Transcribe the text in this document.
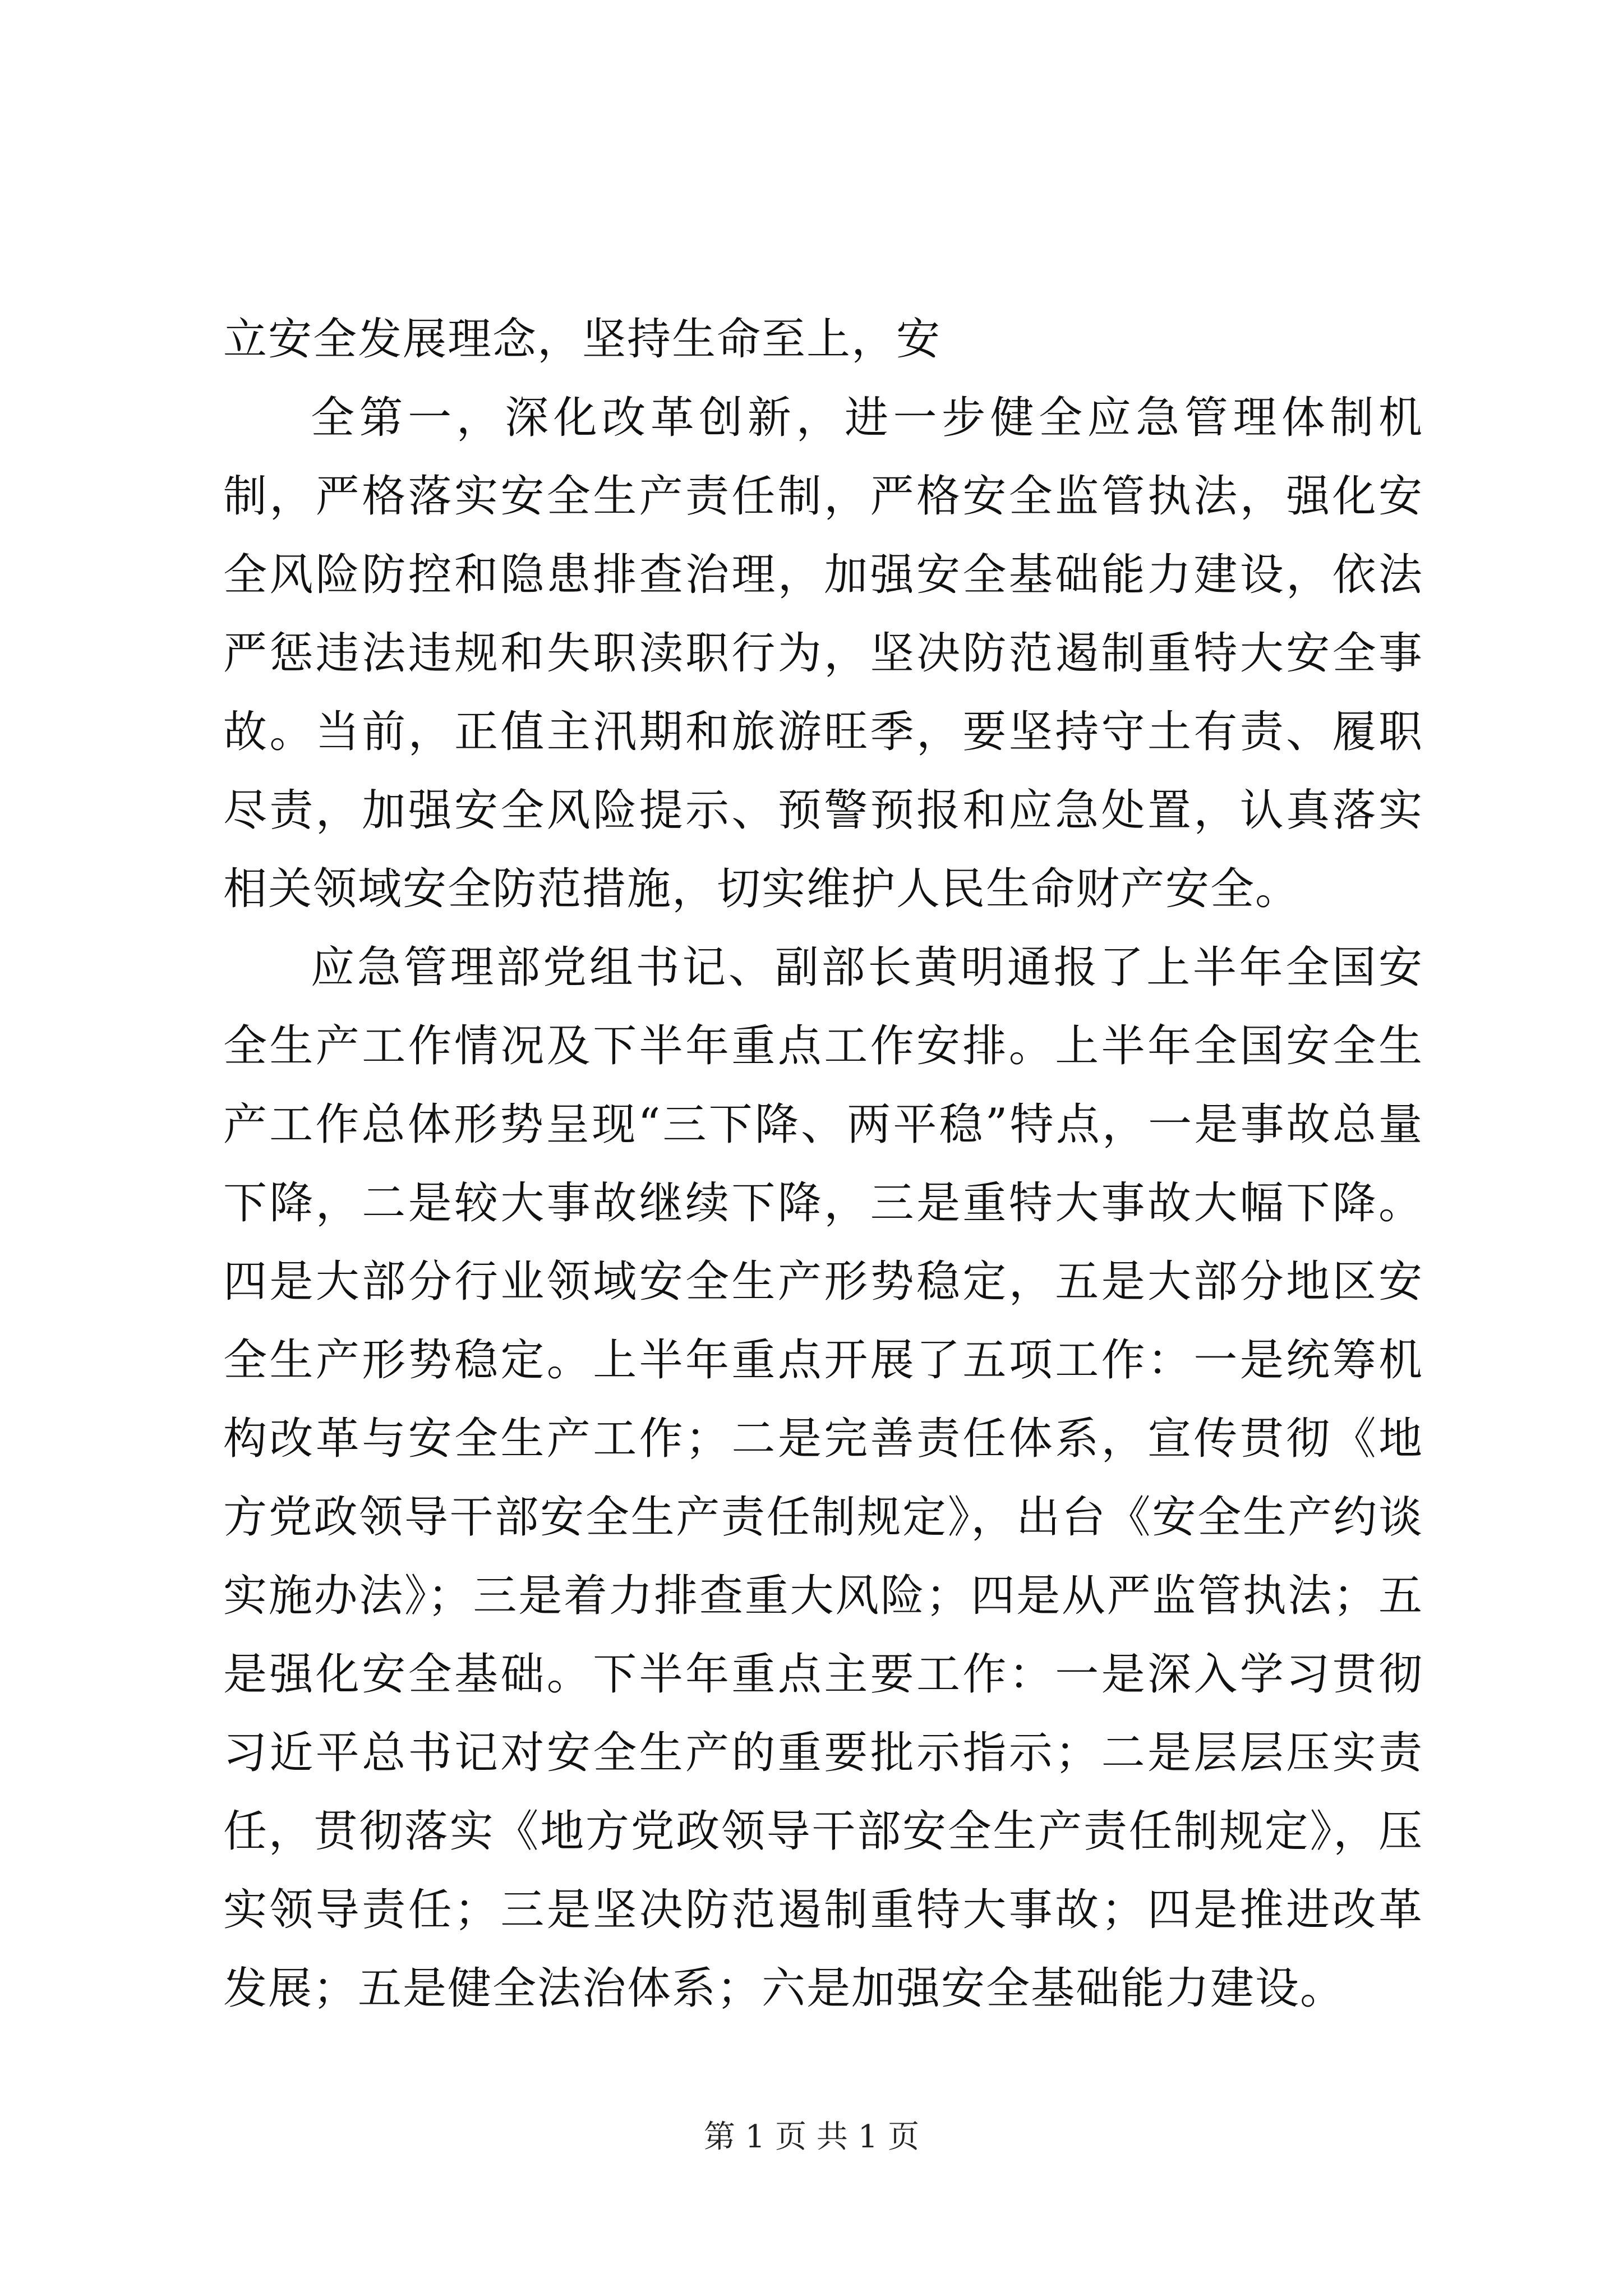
立安全发展理念，坚持生命至上，安

全第一，深化改革创新，进一步健全应急管理体制机制，严格落实安全生产责任制，严格安全监管执法，强化安全风险防控和隐患排查治理，加强安全基础能力建设，依法严惩违法违规和失职渎职行为，坚决防范遏制重特大安全事故。当前，正值主汛期和旅游旺季，要坚持守土有责、履职尽责，加强安全风险提示、预警预报和应急处置，认真落实相关领域安全防范措施，切实维护人民生命财产安全。

应急管理部党组书记、副部长黄明通报了上半年全国安全生产工作情况及下半年重点工作安排。上半年全国安全生产工作总体形势呈现“三下降、两平稳”特点，一是事故总量下降，二是较大事故继续下降，三是重特大事故大幅下降。四是大部分行业领域安全生产形势稳定，五是大部分地区安全生产形势稳定。上半年重点开展了五项工作：一是统筹机构改革与安全生产工作；二是完善责任体系，宣传贯彻《地方党政领导干部安全生产责任制规定》，出台《安全生产约谈实施办法》；三是着力排查重大风险；四是从严监管执法；五是强化安全基础。下半年重点主要工作：一是深入学习贯彻习近平总书记对安全生产的重要批示指示；二是层层压实责任，贯彻落实《地方党政领导干部安全生产责任制规定》，压实领导责任；三是坚决防范遏制重特大事故；四是推进改革发展；五是健全法治体系；六是加强安全基础能力建设。

第 1 页 共 1 页
